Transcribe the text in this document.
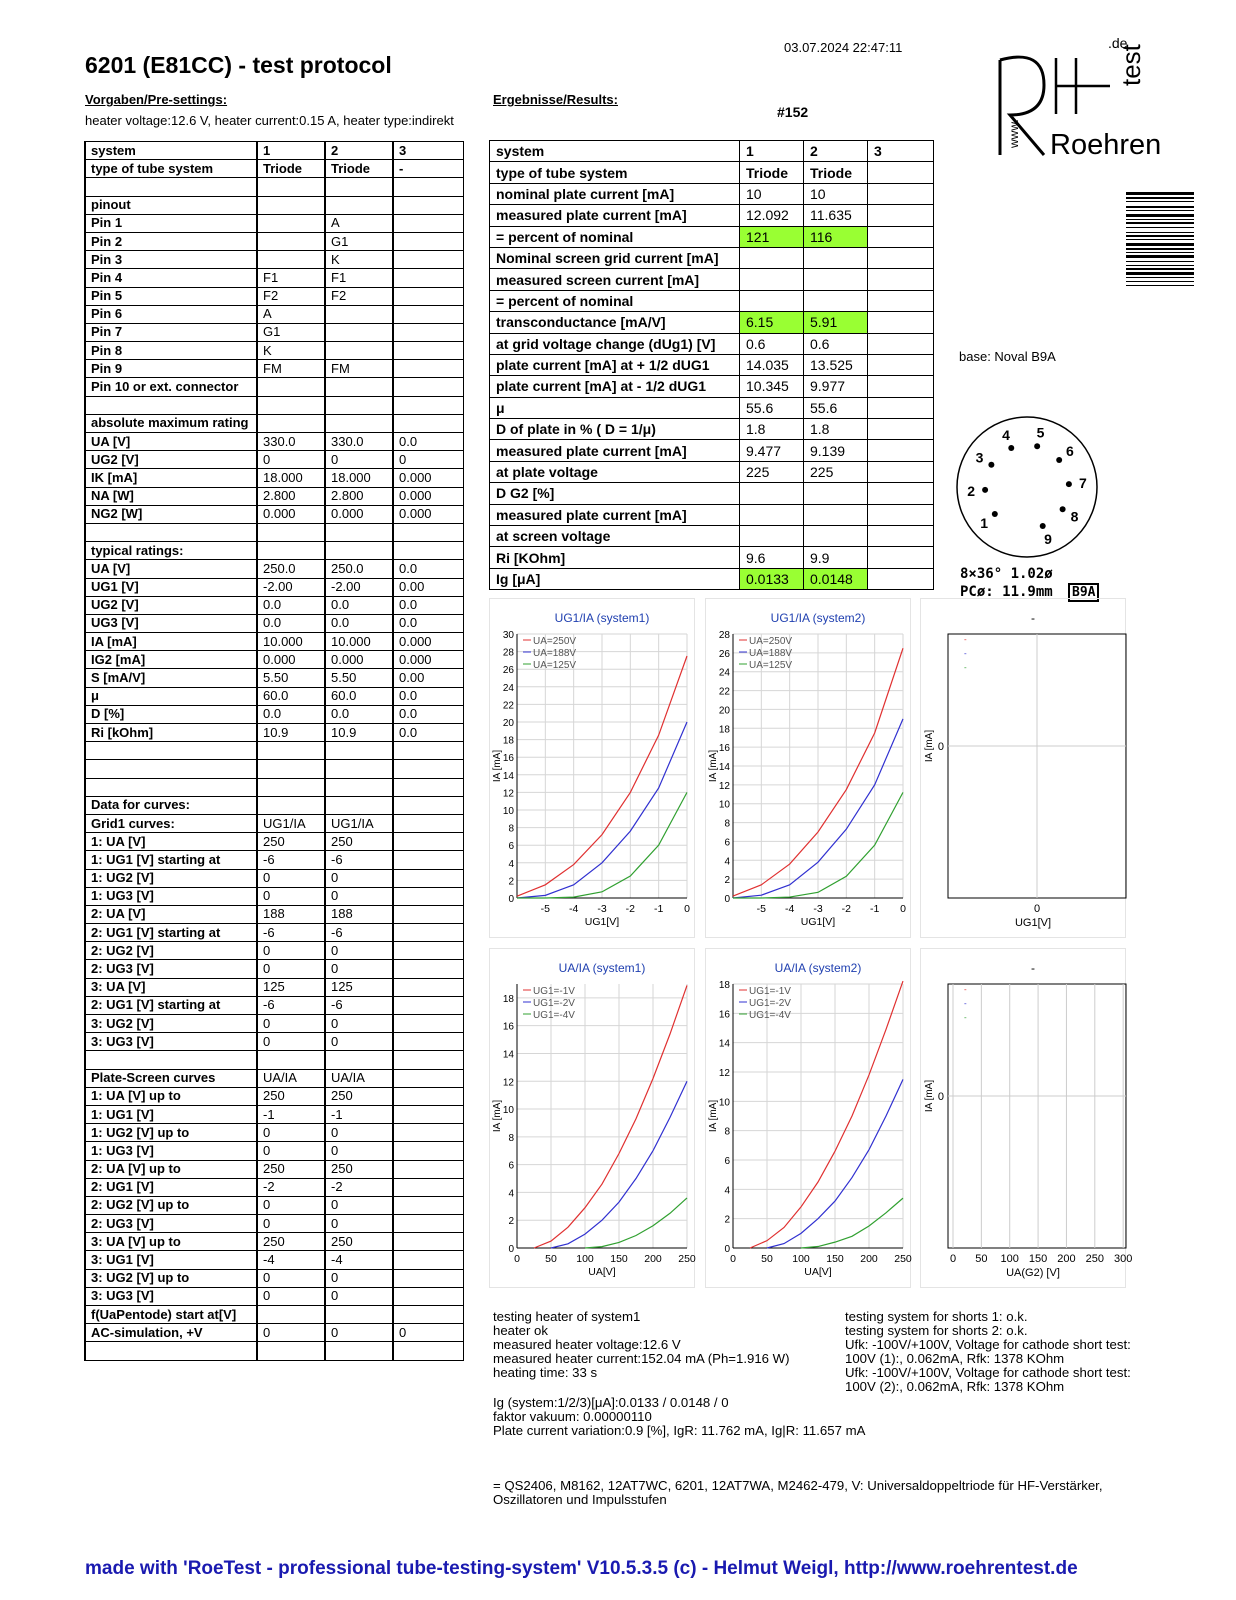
6201 (E81CC) - test protocol
03.07.2024 22:47:11
Vorgaben/Pre-settings:
heater voltage:12.6 V, heater current:0.15 A, heater type:indirekt
Ergebnisse/Results:
#152
test
.de
www. Roehren
system	1	2	3
type of tube system	Triode	Triode	-

pinout			
Pin 1		A	
Pin 2		G1	
Pin 3		K	
Pin 4	F1	F1	
Pin 5	F2	F2	
Pin 6	A		
Pin 7	G1		
Pin 8	K		
Pin 9	FM	FM	
Pin 10 or ext. connector			

absolute maximum rating			
UA [V]	330.0	330.0	0.0
UG2 [V]	0	0	0
IK [mA]	18.000	18.000	0.000
NA [W]	2.800	2.800	0.000
NG2 [W]	0.000	0.000	0.000

typical ratings:			
UA [V]	250.0	250.0	0.0
UG1 [V]	-2.00	-2.00	0.00
UG2 [V]	0.0	0.0	0.0
UG3 [V]	0.0	0.0	0.0
IA [mA]	10.000	10.000	0.000
IG2 [mA]	0.000	0.000	0.000
S [mA/V]	5.50	5.50	0.00
μ	60.0	60.0	0.0
D [%]	0.0	0.0	0.0
Ri [kOhm]	10.9	10.9	0.0

Data for curves:			
Grid1 curves:	UG1/IA	UG1/IA	
1: UA [V]	250	250	
1: UG1 [V] starting at	-6	-6	
1: UG2 [V]	0	0	
1: UG3 [V]	0	0	
2: UA [V]	188	188	
2: UG1 [V] starting at	-6	-6	
2: UG2 [V]	0	0	
2: UG3 [V]	0	0	
3: UA [V]	125	125	
2: UG1 [V] starting at	-6	-6	
3: UG2 [V]	0	0	
3: UG3 [V]	0	0	

Plate-Screen curves	UA/IA	UA/IA	
1: UA [V] up to	250	250	
1: UG1 [V]	-1	-1	
1: UG2 [V] up to	0	0	
1: UG3 [V]	0	0	
2: UA [V] up to	250	250	
2: UG1 [V]	-2	-2	
2: UG2 [V] up to	0	0	
2: UG3 [V]	0	0	
3: UA [V] up to	250	250	
3: UG1 [V]	-4	-4	
3: UG2 [V] up to	0	0	
3: UG3 [V]	0	0	
f(UaPentode) start at[V]			
AC-simulation, +V	0	0	0

system	1	2	3
type of tube system	Triode	Triode	
nominal plate current [mA]	10	10	
measured plate current [mA]	12.092	11.635	
= percent of nominal	121	116	
Nominal screen grid current [mA]			
measured screen current [mA]			
= percent of nominal			
transconductance [mA/V]	6.15	5.91	
at grid voltage change (dUg1) [V]	0.6	0.6	
plate current [mA] at + 1/2 dUG1	14.035	13.525	
plate current [mA] at - 1/2 dUG1	10.345	9.977	
μ	55.6	55.6	
D of plate in % ( D = 1/μ)	1.8	1.8	
measured plate current [mA]	9.477	9.139	
at plate voltage	225	225	
D G2 [%]			
measured plate current [mA]			
at screen voltage			
Ri [KOhm]	9.6	9.9	
Ig [μA]	0.0133	0.0148	
base: Noval B9A
1
2
3
4 5
6
7
8
9
8×36° 1.02ø
PCø: 11.9mm	B9A
UG1/IA (system1)
0
2
4
6
8
10
12
14
16
18
20
22
24
26
28
30
-5 -4 -3 -2 -1 0
UG1[V]
IA [mA]
UA=250V
UA=188V
UA=125V
UG1/IA (system2)
0
2
4
6
8
10
12
14
16
18
20
22
24
26
28
-5 -4 -3 -2 -1 0
UG1[V]
IA [mA]
UA=250V
UA=188V
UA=125V
-
0
0
UG1[V]
IA [mA]
-
-
-
UA/IA (system1)
0
2
4
6
8
10
12
14
16
18
0 50 100 150 200 250
UA[V]
IA [mA]
UG1=-1V
UG1=-2V
UG1=-4V
UA/IA (system2)
0
2
4
6
8
10
12
14
16
18
0 50 100 150 200 250
UA[V]
IA [mA]
UG1=-1V
UG1=-2V
UG1=-4V
-
0 50 100 150 200 250 300
0
UA(G2) [V]
IA [mA]
-
-
-
testing heater of system1
heater ok
measured heater voltage:12.6 V
measured heater current:152.04 mA (Ph=1.916 W)
heating time: 33 s
testing system for shorts 1: o.k.
testing system for shorts 2: o.k.
Ufk: -100V/+100V, Voltage for cathode short test:
100V (1):, 0.062mA, Rfk: 1378 KOhm
Ufk: -100V/+100V, Voltage for cathode short test:
100V (2):, 0.062mA, Rfk: 1378 KOhm
Ig (system:1/2/3)[μA]:0.0133 / 0.0148 / 0
faktor vakuum: 0.00000110
Plate current variation:0.9 [%], IgR: 11.762 mA, Ig|R: 11.657 mA
= QS2406, M8162, 12AT7WC, 6201, 12AT7WA, M2462-479, V: Universaldoppeltriode für HF-Verstärker,
Oszillatoren und Impulsstufen
made with 'RoeTest - professional tube-testing-system' V10.5.3.5 (c) - Helmut Weigl, http://www.roehrentest.de
